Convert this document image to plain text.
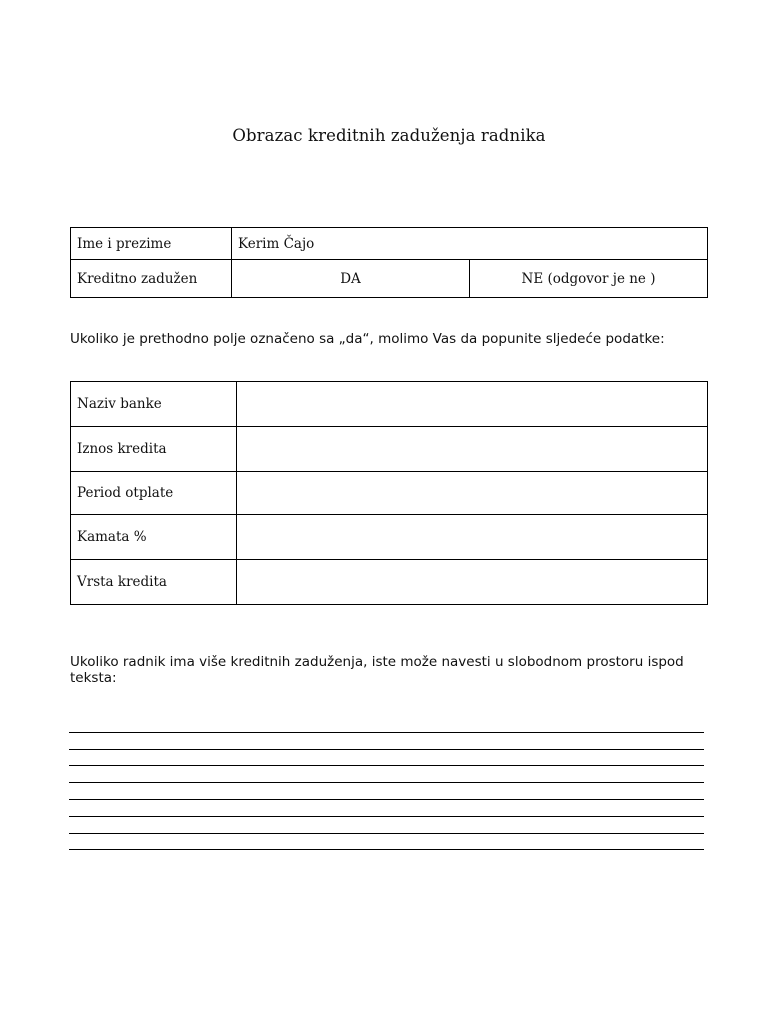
Obrazac kreditnih zaduženja radnika
Ime i prezime	Kerim Čajo	
Kreditno zadužen	DA	NE (odgovor je ne )
Ukoliko je prethodno polje označeno sa „da“, molimo Vas da popunite sljedeće podatke:
Naziv banke	
Iznos kredita	
Period otplate	
Kamata %	
Vrsta kredita	
Ukoliko radnik ima više kreditnih zaduženja, iste može navesti u slobodnom prostoru ispod teksta:
